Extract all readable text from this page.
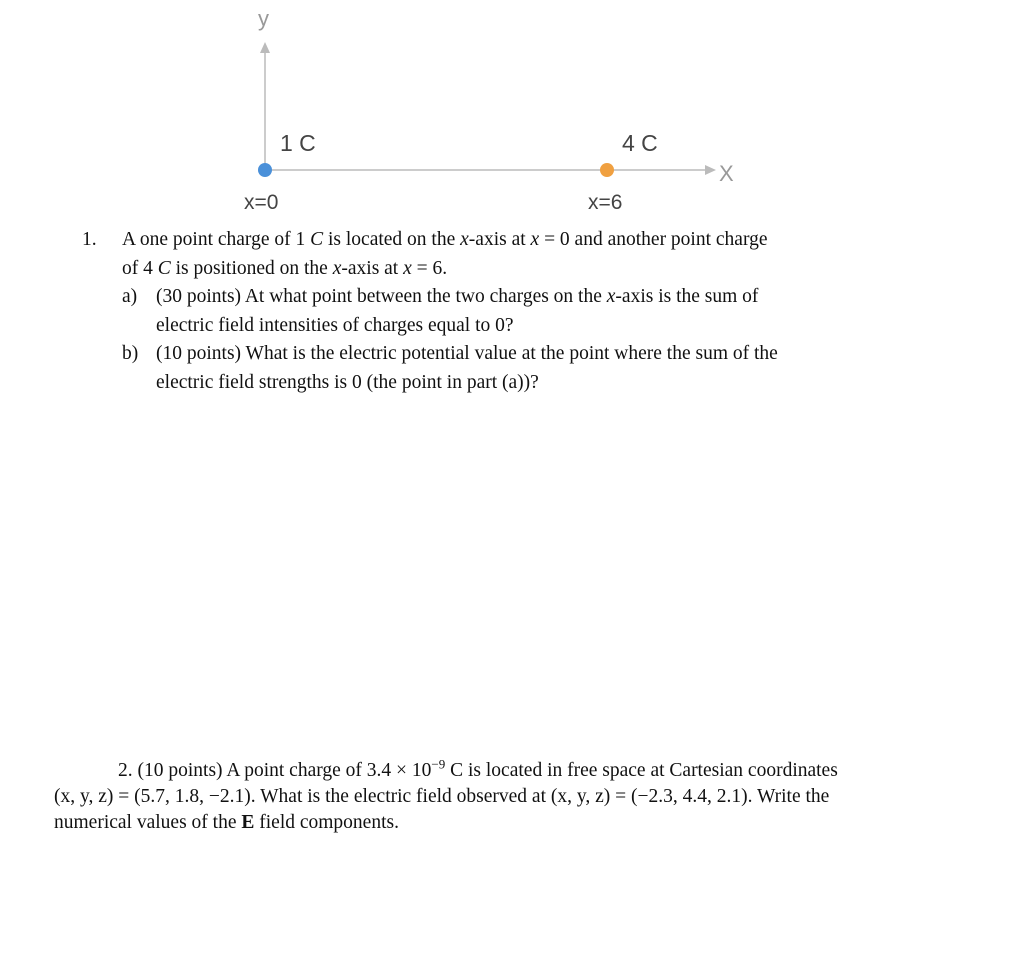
y
X
1 C	4 C
x=0	x=6
1. A one point charge of 1 C is located on the x-axis at x = 0 and another point charge
of 4 C is positioned on the x-axis at x = 6.
a) (30 points) At what point between the two charges on the x-axis is the sum of
electric field intensities of charges equal to 0?
b) (10 points) What is the electric potential value at the point where the sum of the
electric field strengths is 0 (the point in part (a))?
2. (10 points) A point charge of $3.4 \times 10^{-9}$ C is located in free space at Cartesian coordinates
(x, y, z) = (5.7, 1.8, −2.1). What is the electric field observed at (x, y, z) = (−2.3, 4.4, 2.1). Write the
numerical values of the E field components.
